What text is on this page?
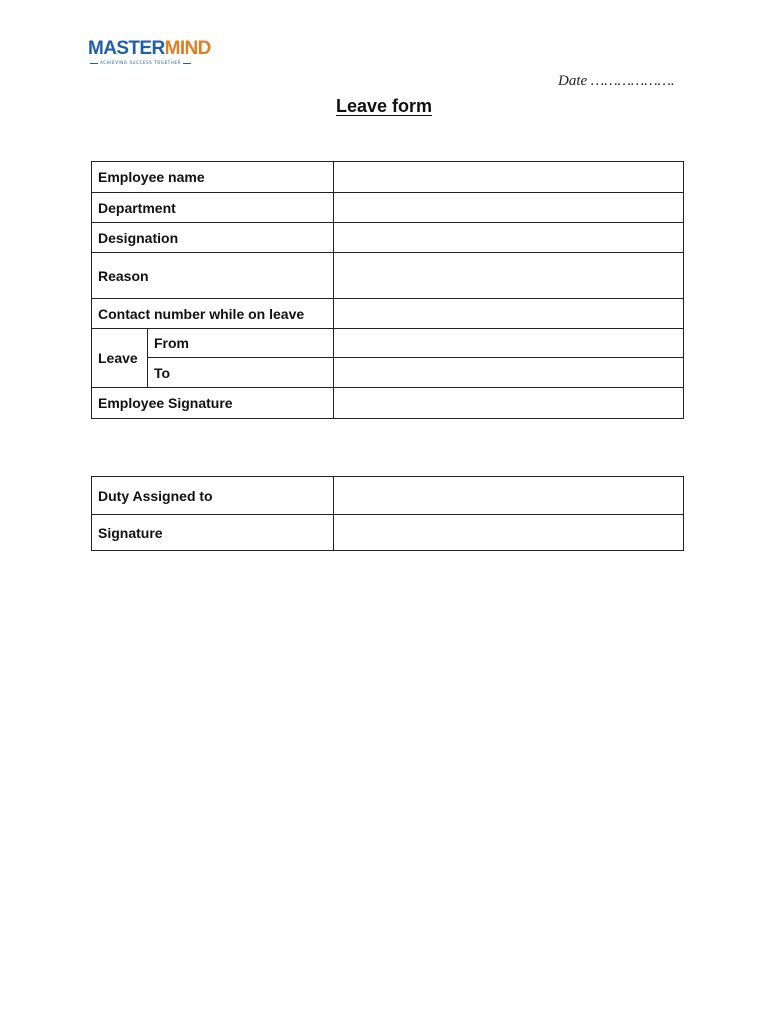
MASTERMIND
ACHIEVING SUCCESS TOGETHER
Date ……………….
Leave form
Employee name		
Department		
Designation		
Reason		
Contact number while on leave		
Leave	From	
	To	
Employee Signature		
Duty Assigned to	
Signature	
